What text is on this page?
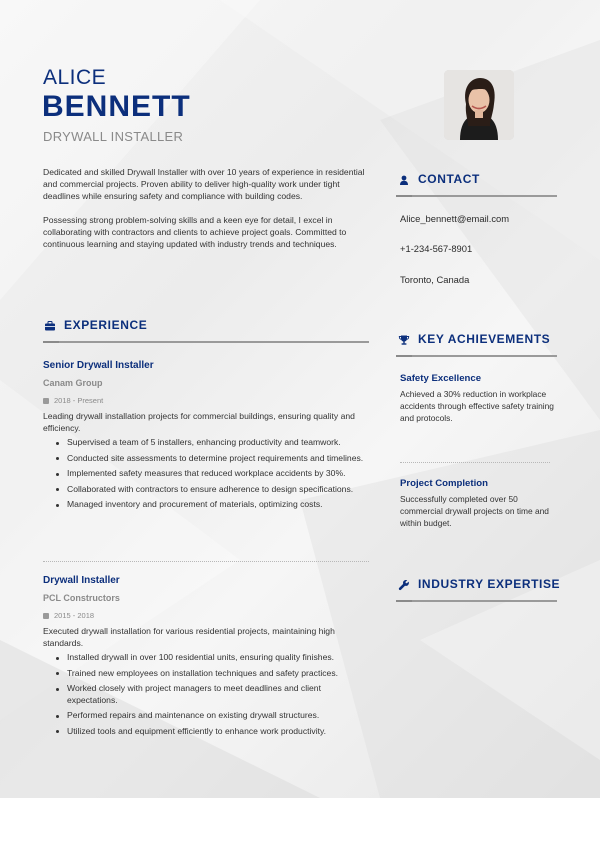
ALICE
BENNETT
DRYWALL INSTALLER

Dedicated and skilled Drywall Installer with over 10 years of experience in residential and commercial projects. Proven ability to deliver high-quality work under tight deadlines while ensuring safety and compliance with building codes.

Possessing strong problem-solving skills and a keen eye for detail, I excel in collaborating with contractors and clients to achieve project goals. Committed to continuous learning and staying updated with industry trends and techniques.

EXPERIENCE
Senior Drywall Installer
Canam Group
2018 - Present
Leading drywall installation projects for commercial buildings, ensuring quality and efficiency.
Supervised a team of 5 installers, enhancing productivity and teamwork.
Conducted site assessments to determine project requirements and timelines.
Implemented safety measures that reduced workplace accidents by 30%.
Collaborated with contractors to ensure adherence to design specifications.
Managed inventory and procurement of materials, optimizing costs.
Drywall Installer
PCL Constructors
2015 - 2018
Executed drywall installation for various residential projects, maintaining high standards.
Installed drywall in over 100 residential units, ensuring quality finishes.
Trained new employees on installation techniques and safety practices.
Worked closely with project managers to meet deadlines and client expectations.
Performed repairs and maintenance on existing drywall structures.
Utilized tools and equipment efficiently to enhance work productivity.
CONTACT
Alice_bennett@email.com
+1-234-567-8901
Toronto, Canada
KEY ACHIEVEMENTS
Safety Excellence
Achieved a 30% reduction in workplace accidents through effective safety training and protocols.
Project Completion
Successfully completed over 50 commercial drywall projects on time and within budget.
INDUSTRY EXPERTISE
